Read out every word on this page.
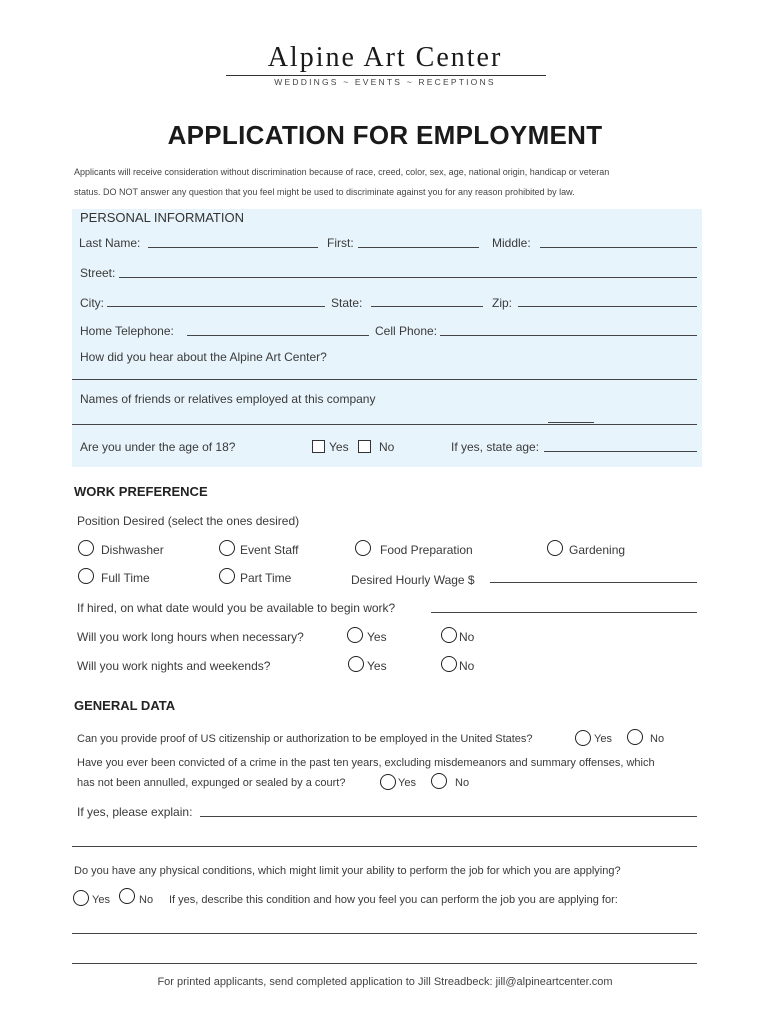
Alpine Art Center
WEDDINGS ~ EVENTS ~ RECEPTIONS
APPLICATION FOR EMPLOYMENT
Applicants will receive consideration without discrimination because of race, creed, color, sex, age, national origin, handicap or veteran
status. DO NOT answer any question that you feel might be used to discriminate against you for any reason prohibited by law.
PERSONAL INFORMATION
Last Name:	First:	Middle:
Street:
City:	State:	Zip:
Home Telephone:	Cell Phone:
How did you hear about the Alpine Art Center?
Names of friends or relatives employed at this company
Are you under the age of 18?	Yes	No	If yes, state age:
WORK PREFERENCE
Position Desired (select the ones desired)
Dishwasher	Event Staff	Food Preparation	Gardening
Full Time	Part Time	Desired Hourly Wage $
If hired, on what date would you be available to begin work?
Will you work long hours when necessary?	Yes	No
Will you work nights and weekends?	Yes	No
GENERAL DATA
Can you provide proof of US citizenship or authorization to be employed in the United States?	Yes	No
Have you ever been convicted of a crime in the past ten years, excluding misdemeanors and summary offenses, which
has not been annulled, expunged or sealed by a court?	Yes	No
If yes, please explain:
Do you have any physical conditions, which might limit your ability to perform the job for which you are applying?
Yes	No If yes, describe this condition and how you feel you can perform the job you are applying for:
For printed applicants, send completed application to Jill Streadbeck: jill@alpineartcenter.com
